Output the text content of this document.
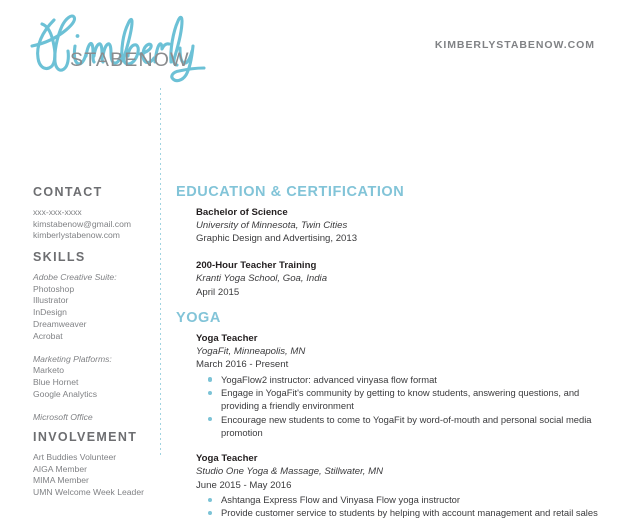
STABENOW
KIMBERLYSTABENOW.COM
CONTACT
xxx-xxx-xxxx
kimstabenow@gmail.com
kimberlystabenow.com
SKILLS
Adobe Creative Suite:
Photoshop
Illustrator
InDesign
Dreamweaver
Acrobat
Marketing Platforms:
Marketo
Blue Hornet
Google Analytics
Microsoft Office
INVOLVEMENT
Art Buddies Volunteer
AIGA Member
MIMA Member
UMN Welcome Week Leader
EDUCATION & CERTIFICATION
Bachelor of Science
University of Minnesota, Twin Cities
Graphic Design and Advertising, 2013
200-Hour Teacher Training
Kranti Yoga School, Goa, India
April 2015
YOGA
Yoga Teacher
YogaFit, Minneapolis, MN
March 2016 - Present
YogaFlow2 instructor: advanced vinyasa flow format
Engage in YogaFit's community by getting to know students, answering questions, and providing a friendly environment
Encourage new students to come to YogaFit by word-of-mouth and personal social media promotion
Yoga Teacher
Studio One Yoga & Massage, Stillwater, MN
June 2015 - May 2016
Ashtanga Express Flow and Vinyasa Flow yoga instructor
Provide customer service to students by helping with account management and retail sales
